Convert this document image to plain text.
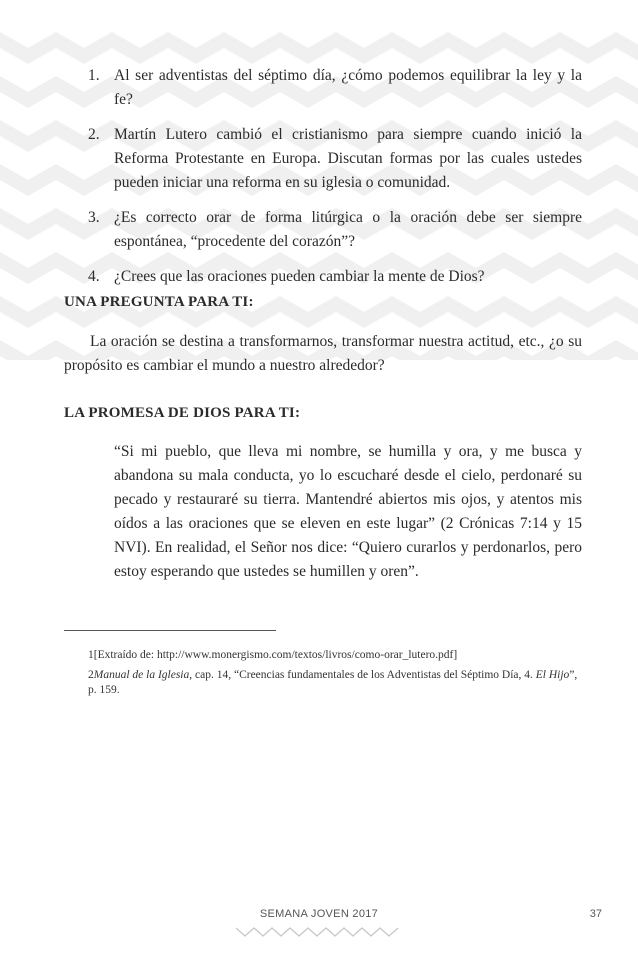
1. Al ser adventistas del séptimo día, ¿cómo podemos equilibrar la ley y la fe?
2. Martín Lutero cambió el cristianismo para siempre cuando inició la Reforma Protestante en Europa. Discutan formas por las cuales ustedes pueden iniciar una reforma en su iglesia o comunidad.
3. ¿Es correcto orar de forma litúrgica o la oración debe ser siempre espontánea, “procedente del corazón”?
4. ¿Crees que las oraciones pueden cambiar la mente de Dios?
UNA PREGUNTA PARA TI:

La oración se destina a transformarnos, transformar nuestra actitud, etc., ¿o su propósito es cambiar el mundo a nuestro alrededor?

LA PROMESA DE DIOS PARA TI:

“Si mi pueblo, que lleva mi nombre, se humilla y ora, y me busca y abandona su mala conducta, yo lo escucharé desde el cielo, perdonaré su pecado y restauraré su tierra. Mantendré abiertos mis ojos, y atentos mis oídos a las oraciones que se eleven en este lugar” (2 Crónicas 7:14 y 15 NVI). En realidad, el Señor nos dice: “Quiero curarlos y perdonarlos, pero estoy esperando que ustedes se humillen y oren”.

1[Extraído de: http://www.monergismo.com/textos/livros/como-orar_lutero.pdf]

2Manual de la Iglesia, cap. 14, “Creencias fundamentales de los Adventistas del Séptimo Día, 4. El Hijo”, p. 159.

SEMANA JOVEN 2017	37
